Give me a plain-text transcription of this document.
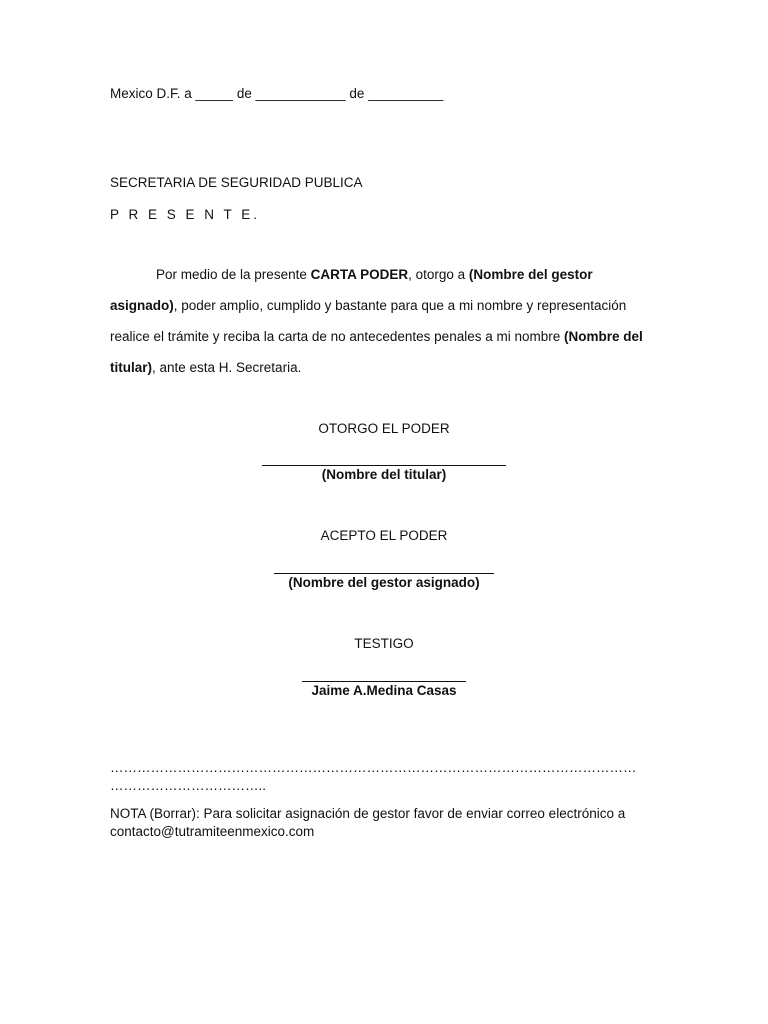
Mexico D.F. a _____ de ____________ de __________
SECRETARIA DE SEGURIDAD PUBLICA
P R E S E N T E.
Por medio de la presente CARTA PODER, otorgo a (Nombre del gestor asignado), poder amplio, cumplido y bastante para que a mi nombre y representación realice el trámite y reciba la carta de no antecedentes penales a mi nombre (Nombre del titular), ante esta H. Secretaria.
OTORGO EL PODER
(Nombre del titular)
ACEPTO EL PODER
(Nombre del gestor asignado)
TESTIGO
Jaime A.Medina Casas
………………………………………………………………………………………………………
……………………………..
NOTA (Borrar): Para solicitar asignación de gestor favor de enviar correo electrónico a
contacto@tutramiteenmexico.com
